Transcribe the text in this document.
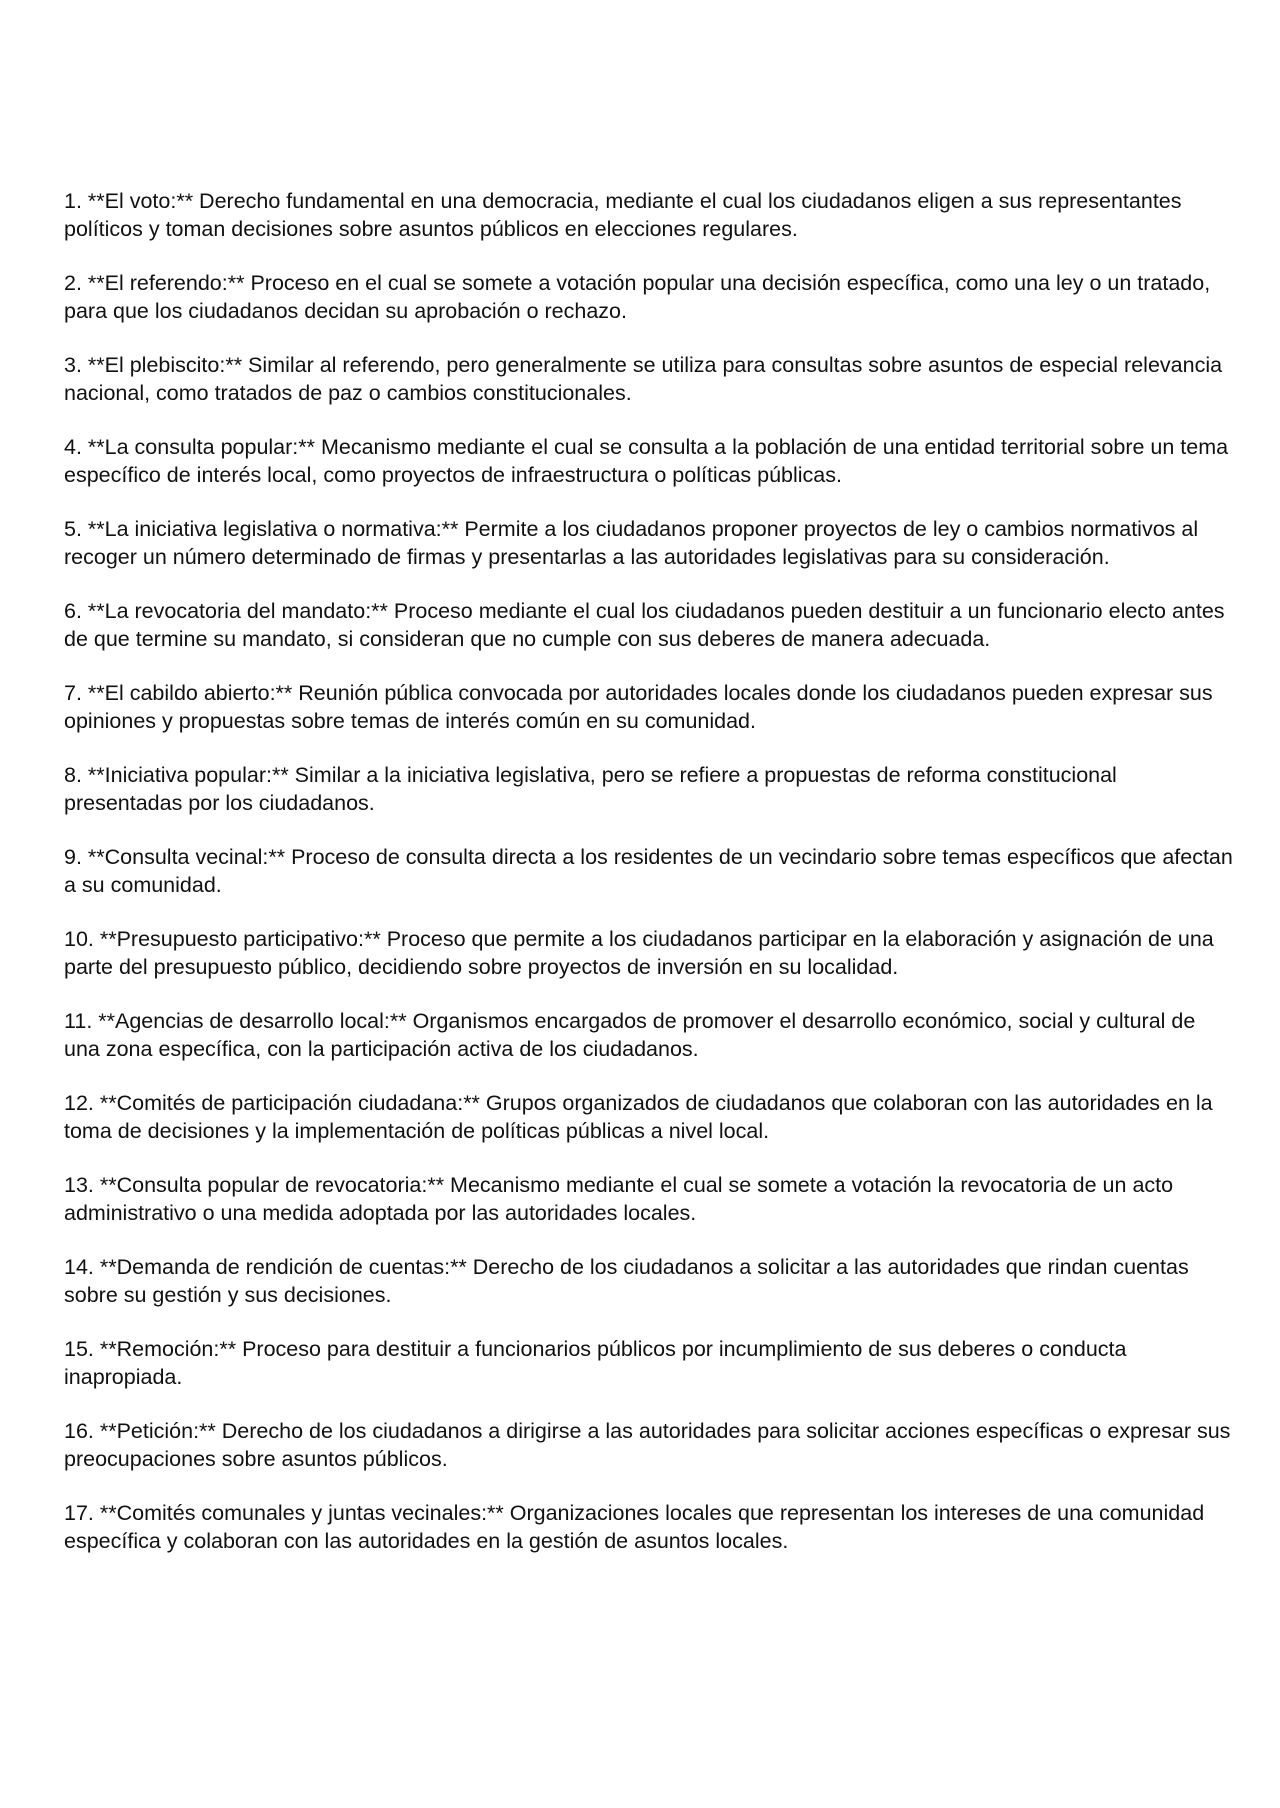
1. **El voto:** Derecho fundamental en una democracia, mediante el cual los ciudadanos eligen a sus representantes políticos y toman decisiones sobre asuntos públicos en elecciones regulares.

2. **El referendo:** Proceso en el cual se somete a votación popular una decisión específica, como una ley o un tratado, para que los ciudadanos decidan su aprobación o rechazo.

3. **El plebiscito:** Similar al referendo, pero generalmente se utiliza para consultas sobre asuntos de especial relevancia nacional, como tratados de paz o cambios constitucionales.

4. **La consulta popular:** Mecanismo mediante el cual se consulta a la población de una entidad territorial sobre un tema específico de interés local, como proyectos de infraestructura o políticas públicas.

5. **La iniciativa legislativa o normativa:** Permite a los ciudadanos proponer proyectos de ley o cambios normativos al recoger un número determinado de firmas y presentarlas a las autoridades legislativas para su consideración.

6. **La revocatoria del mandato:** Proceso mediante el cual los ciudadanos pueden destituir a un funcionario electo antes de que termine su mandato, si consideran que no cumple con sus deberes de manera adecuada.

7. **El cabildo abierto:** Reunión pública convocada por autoridades locales donde los ciudadanos pueden expresar sus opiniones y propuestas sobre temas de interés común en su comunidad.

8. **Iniciativa popular:** Similar a la iniciativa legislativa, pero se refiere a propuestas de reforma constitucional presentadas por los ciudadanos.

9. **Consulta vecinal:** Proceso de consulta directa a los residentes de un vecindario sobre temas específicos que afectan a su comunidad.

10. **Presupuesto participativo:** Proceso que permite a los ciudadanos participar en la elaboración y asignación de una parte del presupuesto público, decidiendo sobre proyectos de inversión en su localidad.

11. **Agencias de desarrollo local:** Organismos encargados de promover el desarrollo económico, social y cultural de una zona específica, con la participación activa de los ciudadanos.

12. **Comités de participación ciudadana:** Grupos organizados de ciudadanos que colaboran con las autoridades en la toma de decisiones y la implementación de políticas públicas a nivel local.

13. **Consulta popular de revocatoria:** Mecanismo mediante el cual se somete a votación la revocatoria de un acto administrativo o una medida adoptada por las autoridades locales.

14. **Demanda de rendición de cuentas:** Derecho de los ciudadanos a solicitar a las autoridades que rindan cuentas sobre su gestión y sus decisiones.

15. **Remoción:** Proceso para destituir a funcionarios públicos por incumplimiento de sus deberes o conducta inapropiada.

16. **Petición:** Derecho de los ciudadanos a dirigirse a las autoridades para solicitar acciones específicas o expresar sus preocupaciones sobre asuntos públicos.

17. **Comités comunales y juntas vecinales:** Organizaciones locales que representan los intereses de una comunidad específica y colaboran con las autoridades en la gestión de asuntos locales.
